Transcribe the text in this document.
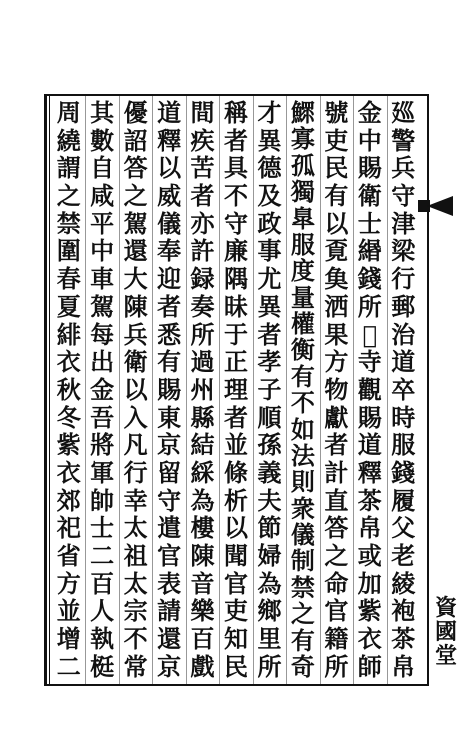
廵
警
兵
守
津
梁
行
郵
治
道
卒
時
服
錢
履
父
老
綾
袍
茶
帛
金
中
賜
衛
士
緡
錢
所
𬒳
寺
觀
賜
道
釋
茶
帛
或
加
紫
衣
師
號
吏
民
有
以
覔
𩵋
洒
果
方
物
獻
者
計
直
答
之
命
官
籍
所
鰥
寡
孤
獨
臯
服
度
量
權
衡
有
不
如
法
則
衆
儀
制
禁
之
有
奇
才
異
德
及
政
事
尤
異
者
孝
子
順
孫
義
夫
節
婦
為
鄉
里
所
稱
者
具
不
守
廉
隅
昧
于
正
理
者
並
條
析
以
聞
官
吏
知
民
間
疾
苦
者
亦
許
録
奏
所
過
州
縣
結
綵
為
樓
陳
音
樂
百
戲
道
釋
以
威
儀
奉
迎
者
悉
有
賜
東
京
留
守
遣
官
表
請
還
京
優
詔
答
之
駕
還
大
陳
兵
衛
以
入
凡
行
幸
太
祖
太
宗
不
常
其
數
自
咸
平
中
車
駕
每
出
金
吾
將
軍
帥
士
二
百
人
執
梃
周
繞
謂
之
禁
圍
春
夏
緋
衣
秋
冬
紫
衣
郊
祀
省
方
並
增
二
資
國
堂
